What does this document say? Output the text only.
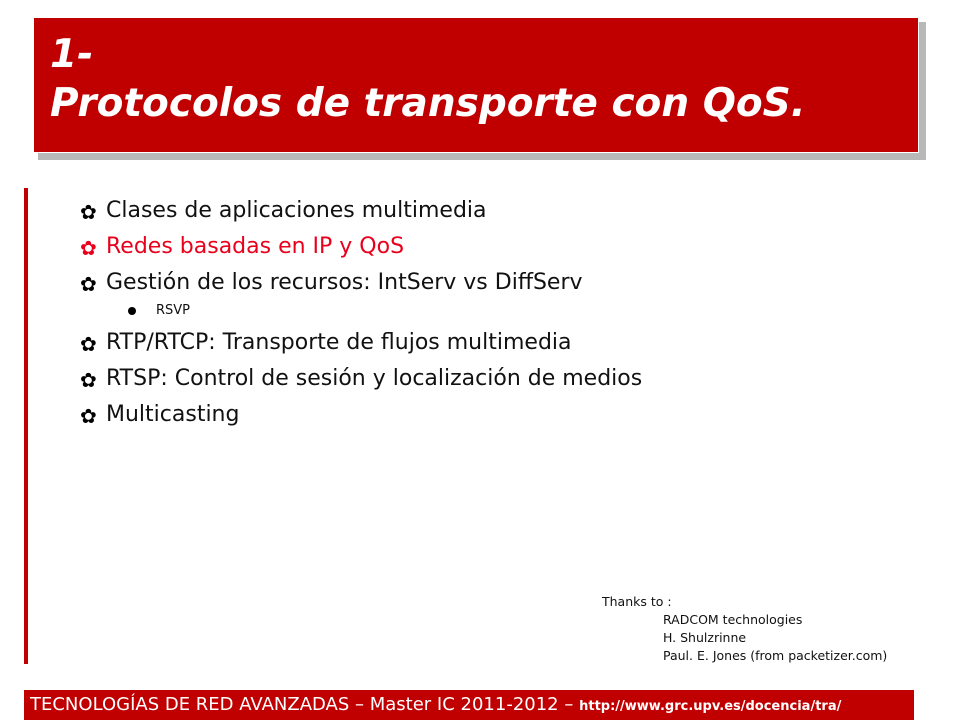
1-
Protocolos de transporte con QoS.
✿ Clases de aplicaciones multimedia
✿ Redes basadas en IP y QoS
✿ Gestión de los recursos: IntServ vs DiffServ
RSVP
✿ RTP/RTCP: Transporte de flujos multimedia
✿ RTSP: Control de sesión y localización de medios
✿ Multicasting
Thanks to :
RADCOM technologies
H. Shulzrinne
Paul. E. Jones (from packetizer.com)
TECNOLOGÍAS DE RED AVANZADAS – Master IC 2011-2012 – http://www.grc.upv.es/docencia/tra/
